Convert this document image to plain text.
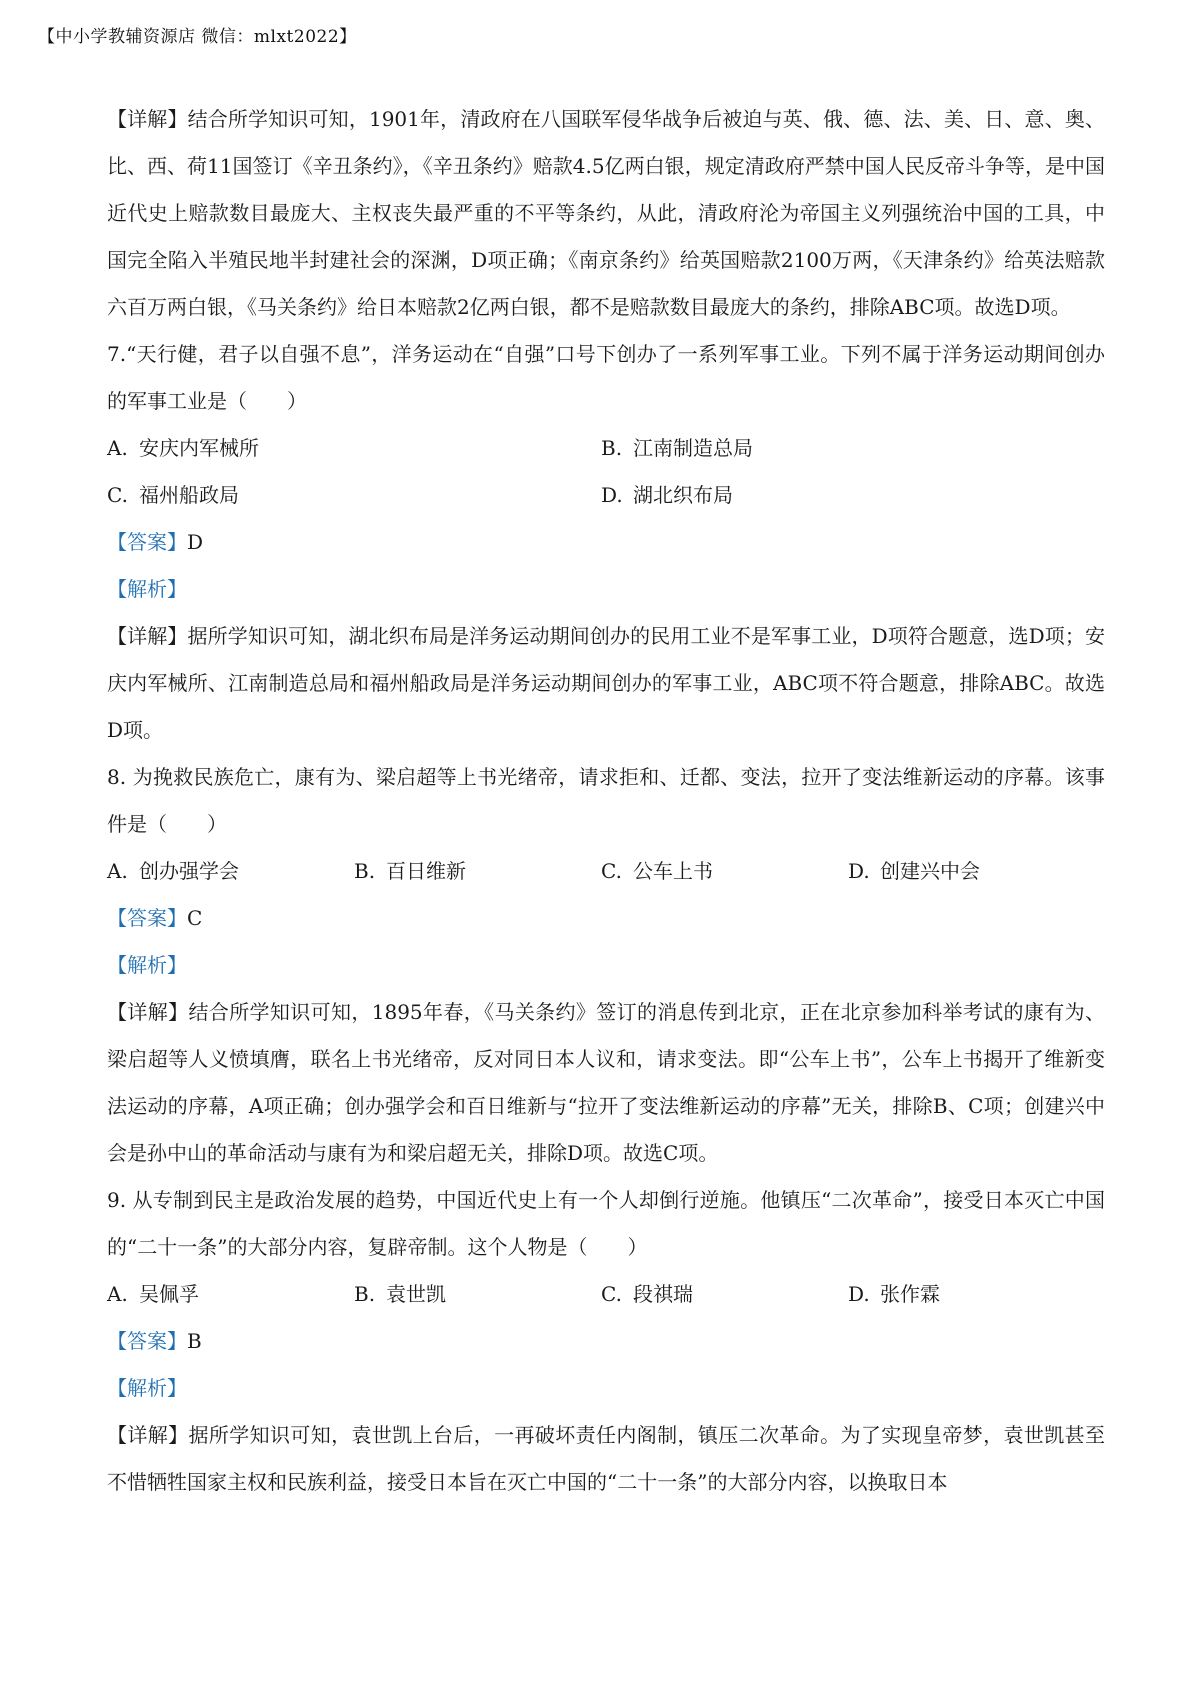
【中小学教辅资源店 微信：mlxt2022】

【详解】结合所学知识可知，1901年，清政府在八国联军侵华战争后被迫与英、俄、德、法、美、日、意、奥、比、西、荷11国签订《辛丑条约》，《辛丑条约》赔款4.5亿两白银，规定清政府严禁中国人民反帝斗争等，是中国近代史上赔款数目最庞大、主权丧失最严重的不平等条约，从此，清政府沦为帝国主义列强统治中国的工具，中国完全陷入半殖民地半封建社会的深渊，D项正确；《南京条约》给英国赔款2100万两，《天津条约》给英法赔款六百万两白银，《马关条约》给日本赔款2亿两白银，都不是赔款数目最庞大的条约，排除ABC项。故选D项。

7.“天行健，君子以自强不息”，洋务运动在“自强”口号下创办了一系列军事工业。下列不属于洋务运动期间创办的军事工业是（　　）

A. 安庆内军械所	B. 江南制造总局
C. 福州船政局	D. 湖北织布局
【答案】D
【解析】

【详解】据所学知识可知，湖北织布局是洋务运动期间创办的民用工业不是军事工业，D项符合题意，选D项；安庆内军械所、江南制造总局和福州船政局是洋务运动期间创办的军事工业，ABC项不符合题意，排除ABC。故选D项。

8. 为挽救民族危亡，康有为、梁启超等上书光绪帝，请求拒和、迁都、变法，拉开了变法维新运动的序幕。该事件是（　　）

A. 创办强学会	B. 百日维新	C. 公车上书	D. 创建兴中会
【答案】C
【解析】

【详解】结合所学知识可知，1895年春，《马关条约》签订的消息传到北京，正在北京参加科举考试的康有为、梁启超等人义愤填膺，联名上书光绪帝，反对同日本人议和，请求变法。即“公车上书”，公车上书揭开了维新变法运动的序幕，A项正确；创办强学会和百日维新与“拉开了变法维新运动的序幕”无关，排除B、C项；创建兴中会是孙中山的革命活动与康有为和梁启超无关，排除D项。故选C项。

9. 从专制到民主是政治发展的趋势，中国近代史上有一个人却倒行逆施。他镇压“二次革命”，接受日本灭亡中国的“二十一条”的大部分内容，复辟帝制。这个人物是（　　）

A. 吴佩孚	B. 袁世凯	C. 段祺瑞	D. 张作霖
【答案】B
【解析】

【详解】据所学知识可知，袁世凯上台后，一再破坏责任内阁制，镇压二次革命。为了实现皇帝梦，袁世凯甚至不惜牺牲国家主权和民族利益，接受日本旨在灭亡中国的“二十一条”的大部分内容，以换取日本
